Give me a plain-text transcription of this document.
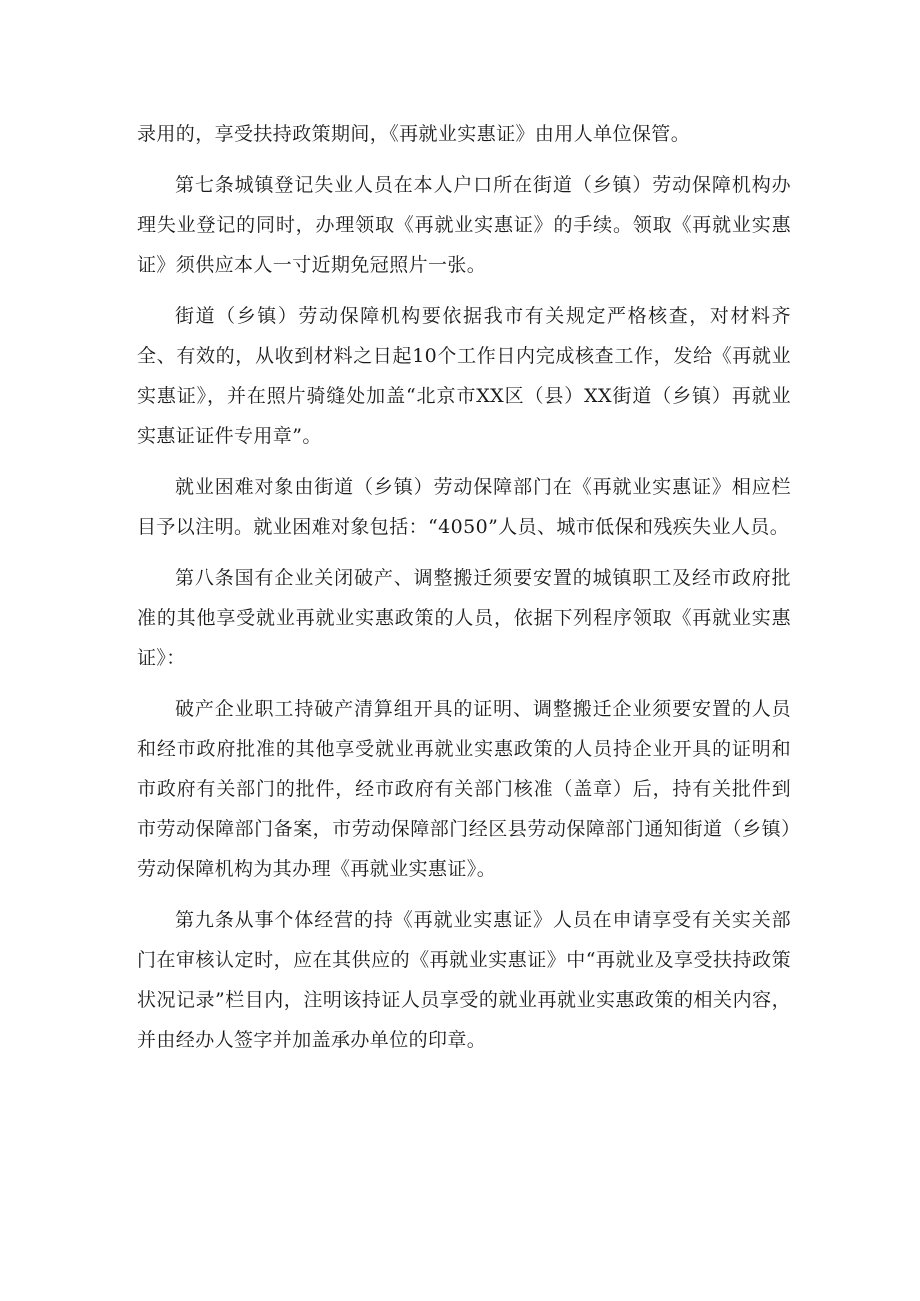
录用的，享受扶持政策期间，《再就业实惠证》由用人单位保管。

第七条城镇登记失业人员在本人户口所在街道（乡镇）劳动保障机构办理失业登记的同时，办理领取《再就业实惠证》的手续。领取《再就业实惠证》须供应本人一寸近期免冠照片一张。

街道（乡镇）劳动保障机构要依据我市有关规定严格核查，对材料齐全、有效的，从收到材料之日起10个工作日内完成核查工作，发给《再就业实惠证》，并在照片骑缝处加盖“北京市XX区（县）XX街道（乡镇）再就业实惠证证件专用章”。

就业困难对象由街道（乡镇）劳动保障部门在《再就业实惠证》相应栏目予以注明。就业困难对象包括：“4050”人员、城市低保和残疾失业人员。

第八条国有企业关闭破产、调整搬迁须要安置的城镇职工及经市政府批准的其他享受就业再就业实惠政策的人员，依据下列程序领取《再就业实惠证》：

破产企业职工持破产清算组开具的证明、调整搬迁企业须要安置的人员和经市政府批准的其他享受就业再就业实惠政策的人员持企业开具的证明和市政府有关部门的批件，经市政府有关部门核准（盖章）后，持有关批件到市劳动保障部门备案，市劳动保障部门经区县劳动保障部门通知街道（乡镇）劳动保障机构为其办理《再就业实惠证》。

第九条从事个体经营的持《再就业实惠证》人员在申请享受有关实关部门在审核认定时，应在其供应的《再就业实惠证》中“再就业及享受扶持政策状况记录”栏目内，注明该持证人员享受的就业再就业实惠政策的相关内容，并由经办人签字并加盖承办单位的印章。
